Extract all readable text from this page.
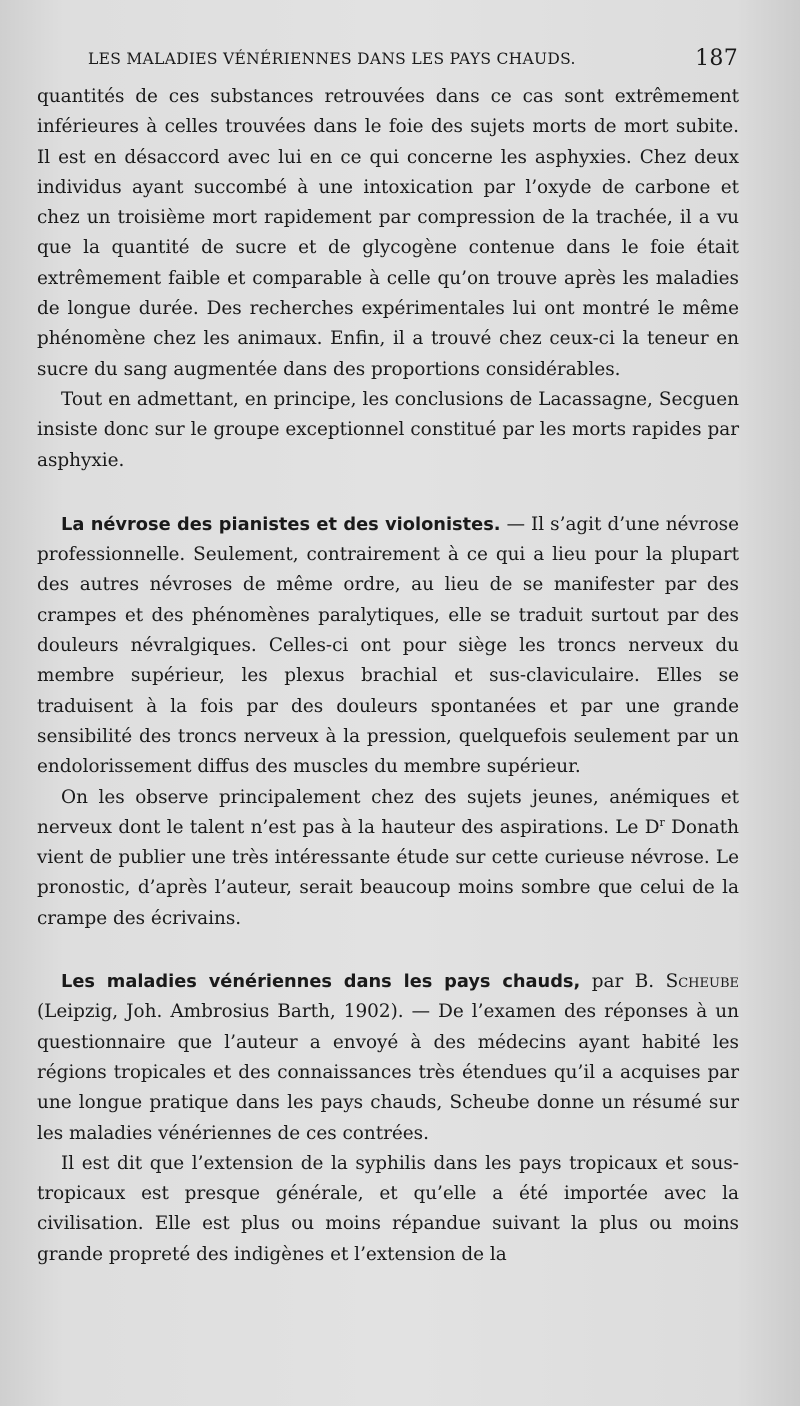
LES MALADIES VÉNÉRIENNES DANS LES PAYS CHAUDS.	187

quantités de ces substances retrouvées dans ce cas sont extrêmement inférieures à celles trouvées dans le foie des sujets morts de mort subite. Il est en désaccord avec lui en ce qui concerne les asphyxies. Chez deux individus ayant succombé à une intoxication par l’oxyde de carbone et chez un troisième mort rapidement par compression de la trachée, il a vu que la quantité de sucre et de glycogène contenue dans le foie était extrêmement faible et comparable à celle qu’on trouve après les maladies de longue durée. Des recherches expérimentales lui ont montré le même phénomène chez les animaux. Enfin, il a trouvé chez ceux-ci la teneur en sucre du sang augmentée dans des proportions considérables.

Tout en admettant, en principe, les conclusions de Lacassagne, Secguen insiste donc sur le groupe exceptionnel constitué par les morts rapides par asphyxie.

La névrose des pianistes et des violonistes. — Il s’agit d’une névrose professionnelle. Seulement, contrairement à ce qui a lieu pour la plupart des autres névroses de même ordre, au lieu de se manifester par des crampes et des phénomènes paralytiques, elle se traduit surtout par des douleurs névralgiques. Celles-ci ont pour siège les troncs nerveux du membre supérieur, les plexus brachial et sus-claviculaire. Elles se traduisent à la fois par des douleurs spontanées et par une grande sensibilité des troncs nerveux à la pression, quelquefois seulement par un endolorissement diffus des muscles du membre supérieur.

On les observe principalement chez des sujets jeunes, anémiques et nerveux dont le talent n’est pas à la hauteur des aspirations. Le $D^r$ Donath vient de publier une très intéressante étude sur cette curieuse névrose. Le pronostic, d’après l’auteur, serait beaucoup moins sombre que celui de la crampe des écrivains.

Les maladies vénériennes dans les pays chauds, par B. Scheube (Leipzig, Joh. Ambrosius Barth, 1902). — De l’examen des réponses à un questionnaire que l’auteur a envoyé à des médecins ayant habité les régions tropicales et des connaissances très étendues qu’il a acquises par une longue pratique dans les pays chauds, Scheube donne un résumé sur les maladies vénériennes de ces contrées.

Il est dit que l’extension de la syphilis dans les pays tropicaux et sous-tropicaux est presque générale, et qu’elle a été importée avec la civilisation. Elle est plus ou moins répandue suivant la plus ou moins grande propreté des indigènes et l’extension de la
